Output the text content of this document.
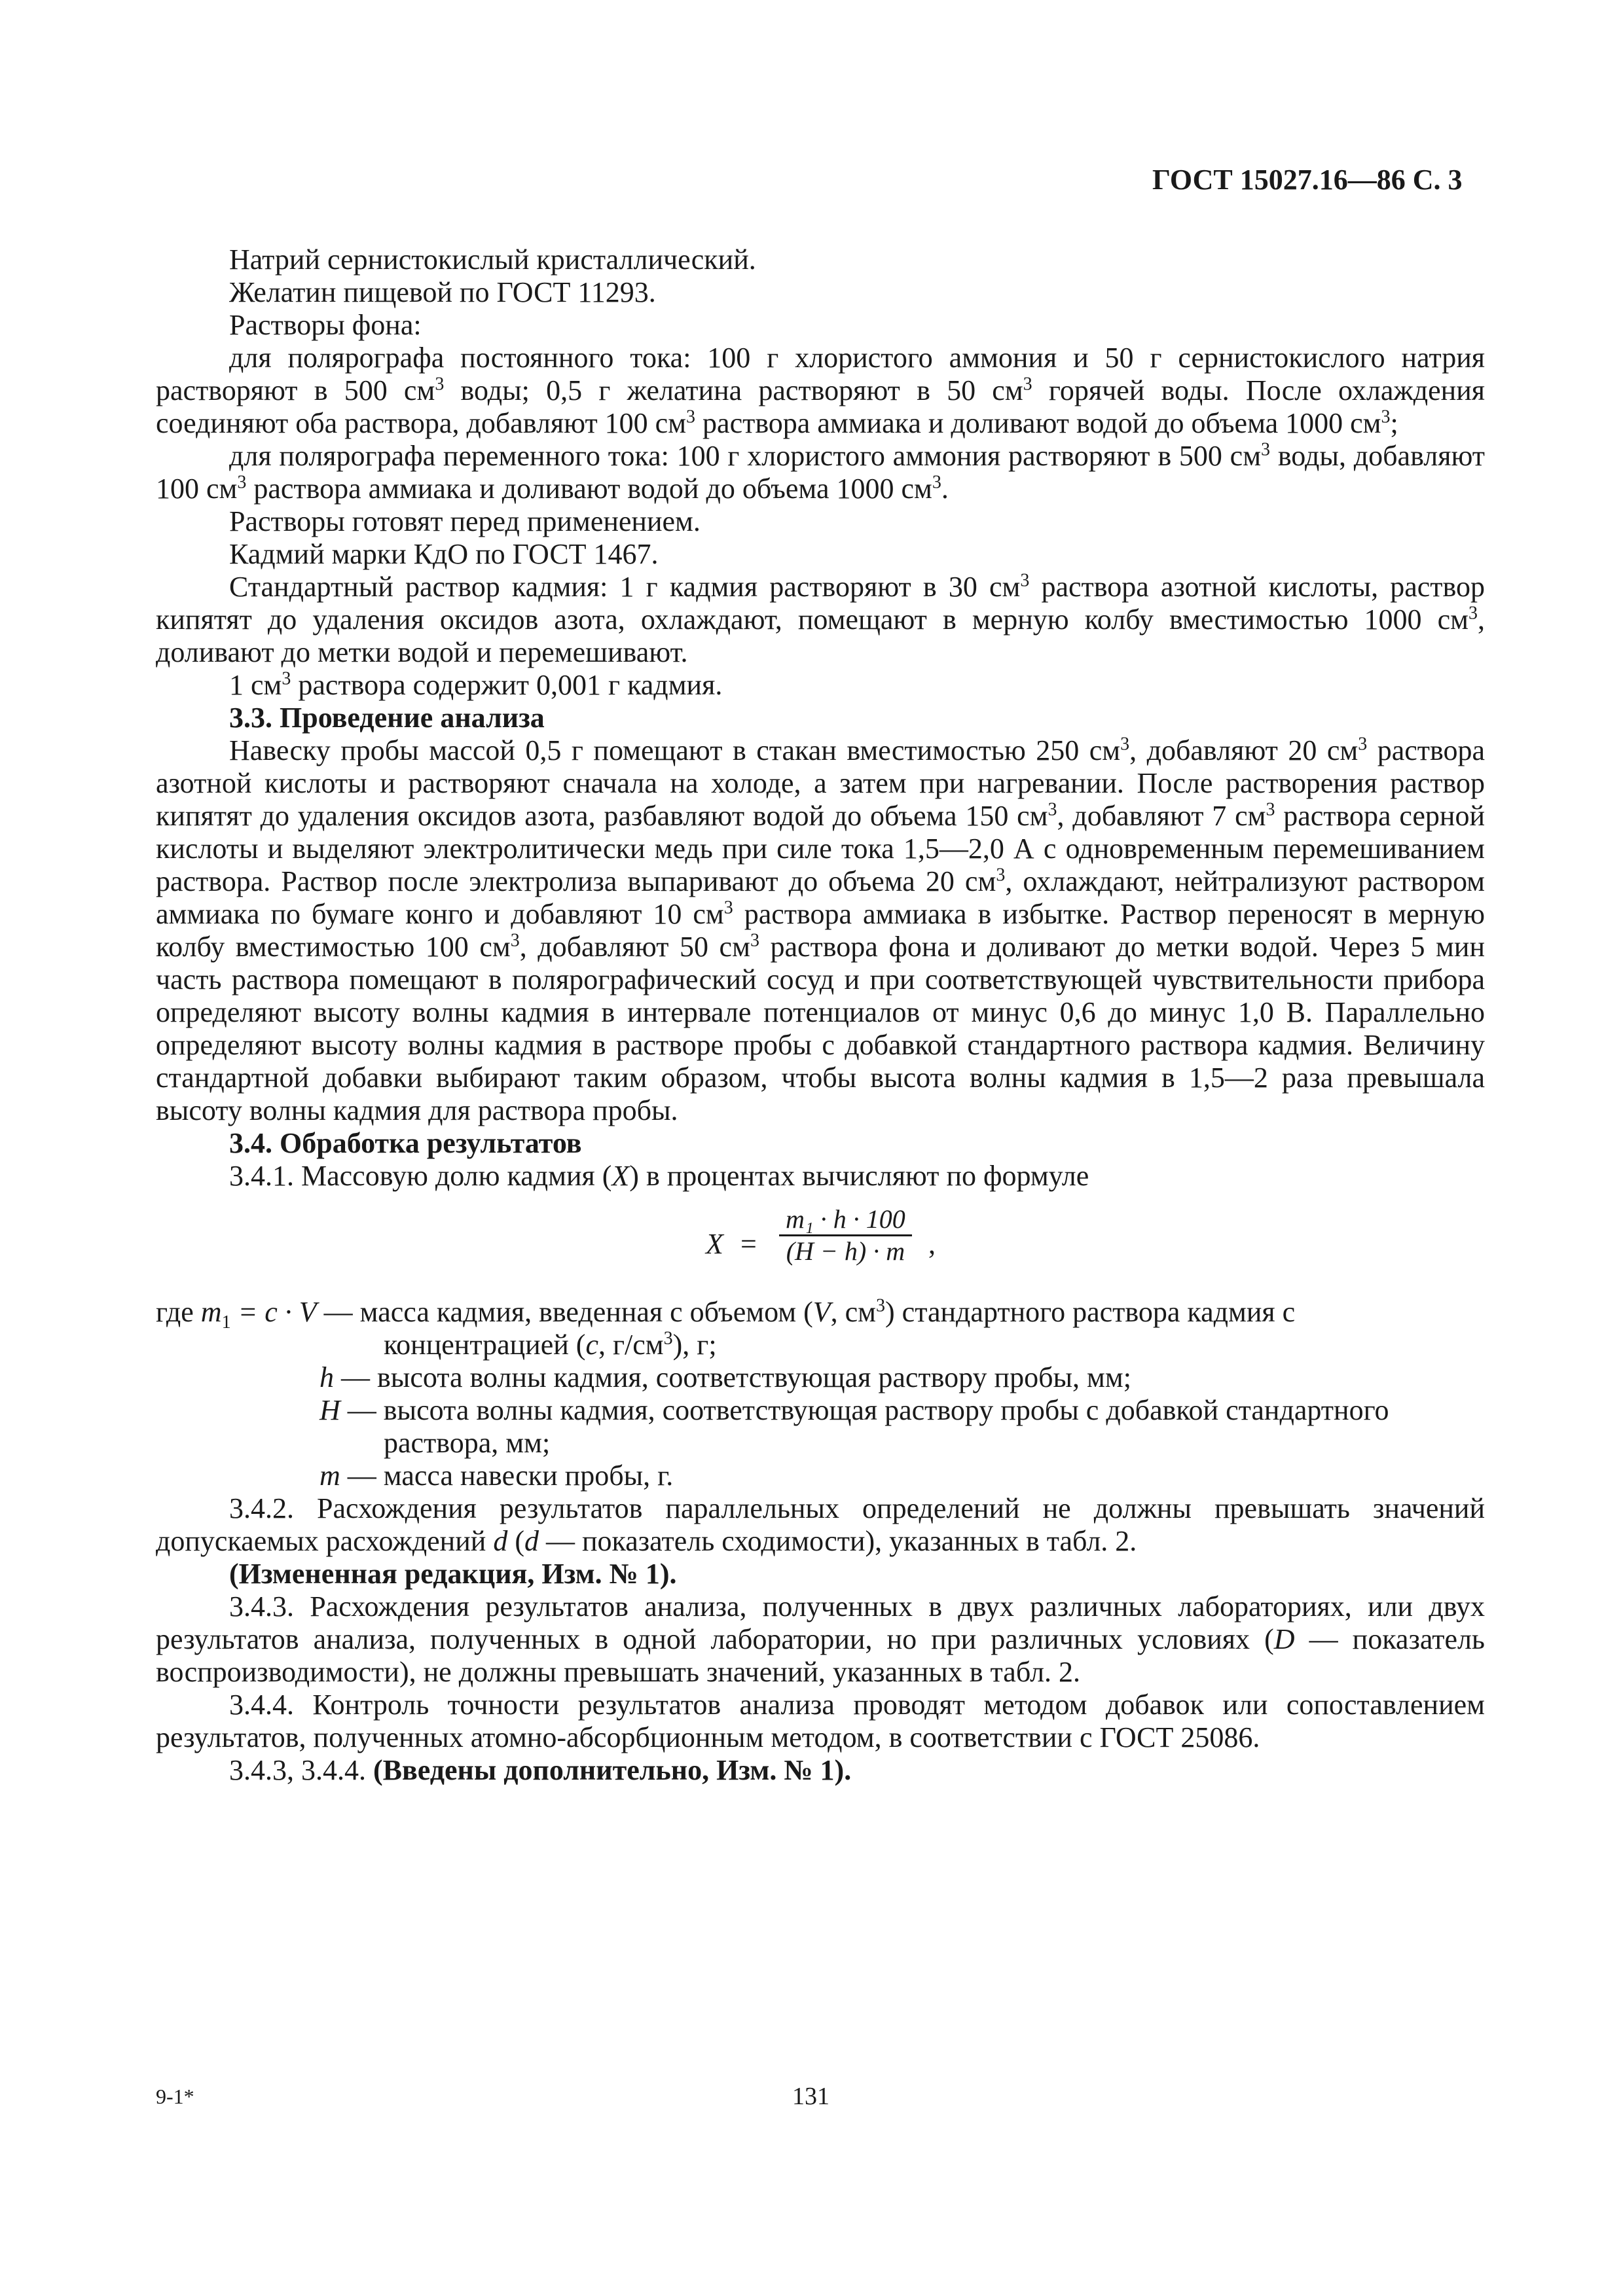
ГОСТ 15027.16—86 С. 3

Натрий сернистокислый кристаллический.

Желатин пищевой по ГОСТ 11293.

Растворы фона:

для полярографа постоянного тока: 100 г хлористого аммония и 50 г сернистокислого натрия растворяют в 500 $см^3$ воды; 0,5 г желатина растворяют в 50 $см^3$ горячей воды. После охлаждения соединяют оба раствора, добавляют 100 $см^3$ раствора аммиака и доливают водой до объема 1000 $см^3$;

для полярографа переменного тока: 100 г хлористого аммония растворяют в 500 $см^3$ воды, добавляют 100 $см^3$ раствора аммиака и доливают водой до объема 1000 $см^3$.

Растворы готовят перед применением.

Кадмий марки КдО по ГОСТ 1467.

Стандартный раствор кадмия: 1 г кадмия растворяют в 30 $см^3$ раствора азотной кислоты, раствор кипятят до удаления оксидов азота, охлаждают, помещают в мерную колбу вместимостью 1000 $см^3$, доливают до метки водой и перемешивают.

1 $см^3$ раствора содержит 0,001 г кадмия.

3.3. Проведение анализа

Навеску пробы массой 0,5 г помещают в стакан вместимостью 250 $см^3$, добавляют 20 $см^3$ раствора азотной кислоты и растворяют сначала на холоде, а затем при нагревании. После растворения раствор кипятят до удаления оксидов азота, разбавляют водой до объема 150 $см^3$, добавляют 7 $см^3$ раствора серной кислоты и выделяют электролитически медь при силе тока 1,5—2,0 А с одновременным перемешиванием раствора. Раствор после электролиза выпаривают до объема 20 $см^3$, охлаждают, нейтрализуют раствором аммиака по бумаге конго и добавляют 10 $см^3$ раствора аммиака в избытке. Раствор переносят в мерную колбу вместимостью 100 $см^3$, добавляют 50 $см^3$ раствора фона и доливают до метки водой. Через 5 мин часть раствора помещают в полярографический сосуд и при соответствующей чувствительности прибора определяют высоту волны кадмия в интервале потенциалов от минус 0,6 до минус 1,0 В. Параллельно определяют высоту волны кадмия в растворе пробы с добавкой стандартного раствора кадмия. Величину стандартной добавки выбирают таким образом, чтобы высота волны кадмия в 1,5—2 раза превышала высоту волны кадмия для раствора пробы.

3.4. Обработка результатов

3.4.1. Массовую долю кадмия (X) в процентах вычисляют по формуле

$X = \frac{\text{m₁ · h · 100}}{(H - h) \cdot m}$ ,

где $m_1 = c \cdot V$ — масса кадмия, введенная с объемом (V, $см^3$) стандартного раствора кадмия с

концентрацией (c, $г/см^3$), г;

h — высота волны кадмия, соответствующая раствору пробы, мм;

H — высота волны кадмия, соответствующая раствору пробы с добавкой стандартного

раствора, мм;

m — масса навески пробы, г.

3.4.2. Расхождения результатов параллельных определений не должны превышать значений допускаемых расхождений d (d — показатель сходимости), указанных в табл. 2.

(Измененная редакция, Изм. № 1).

3.4.3. Расхождения результатов анализа, полученных в двух различных лабораториях, или двух результатов анализа, полученных в одной лаборатории, но при различных условиях (D — показатель воспроизводимости), не должны превышать значений, указанных в табл. 2.

3.4.4. Контроль точности результатов анализа проводят методом добавок или сопоставлением результатов, полученных атомно-абсорбционным методом, в соответствии с ГОСТ 25086.

3.4.3, 3.4.4. (Введены дополнительно, Изм. № 1).

9-1*	131
